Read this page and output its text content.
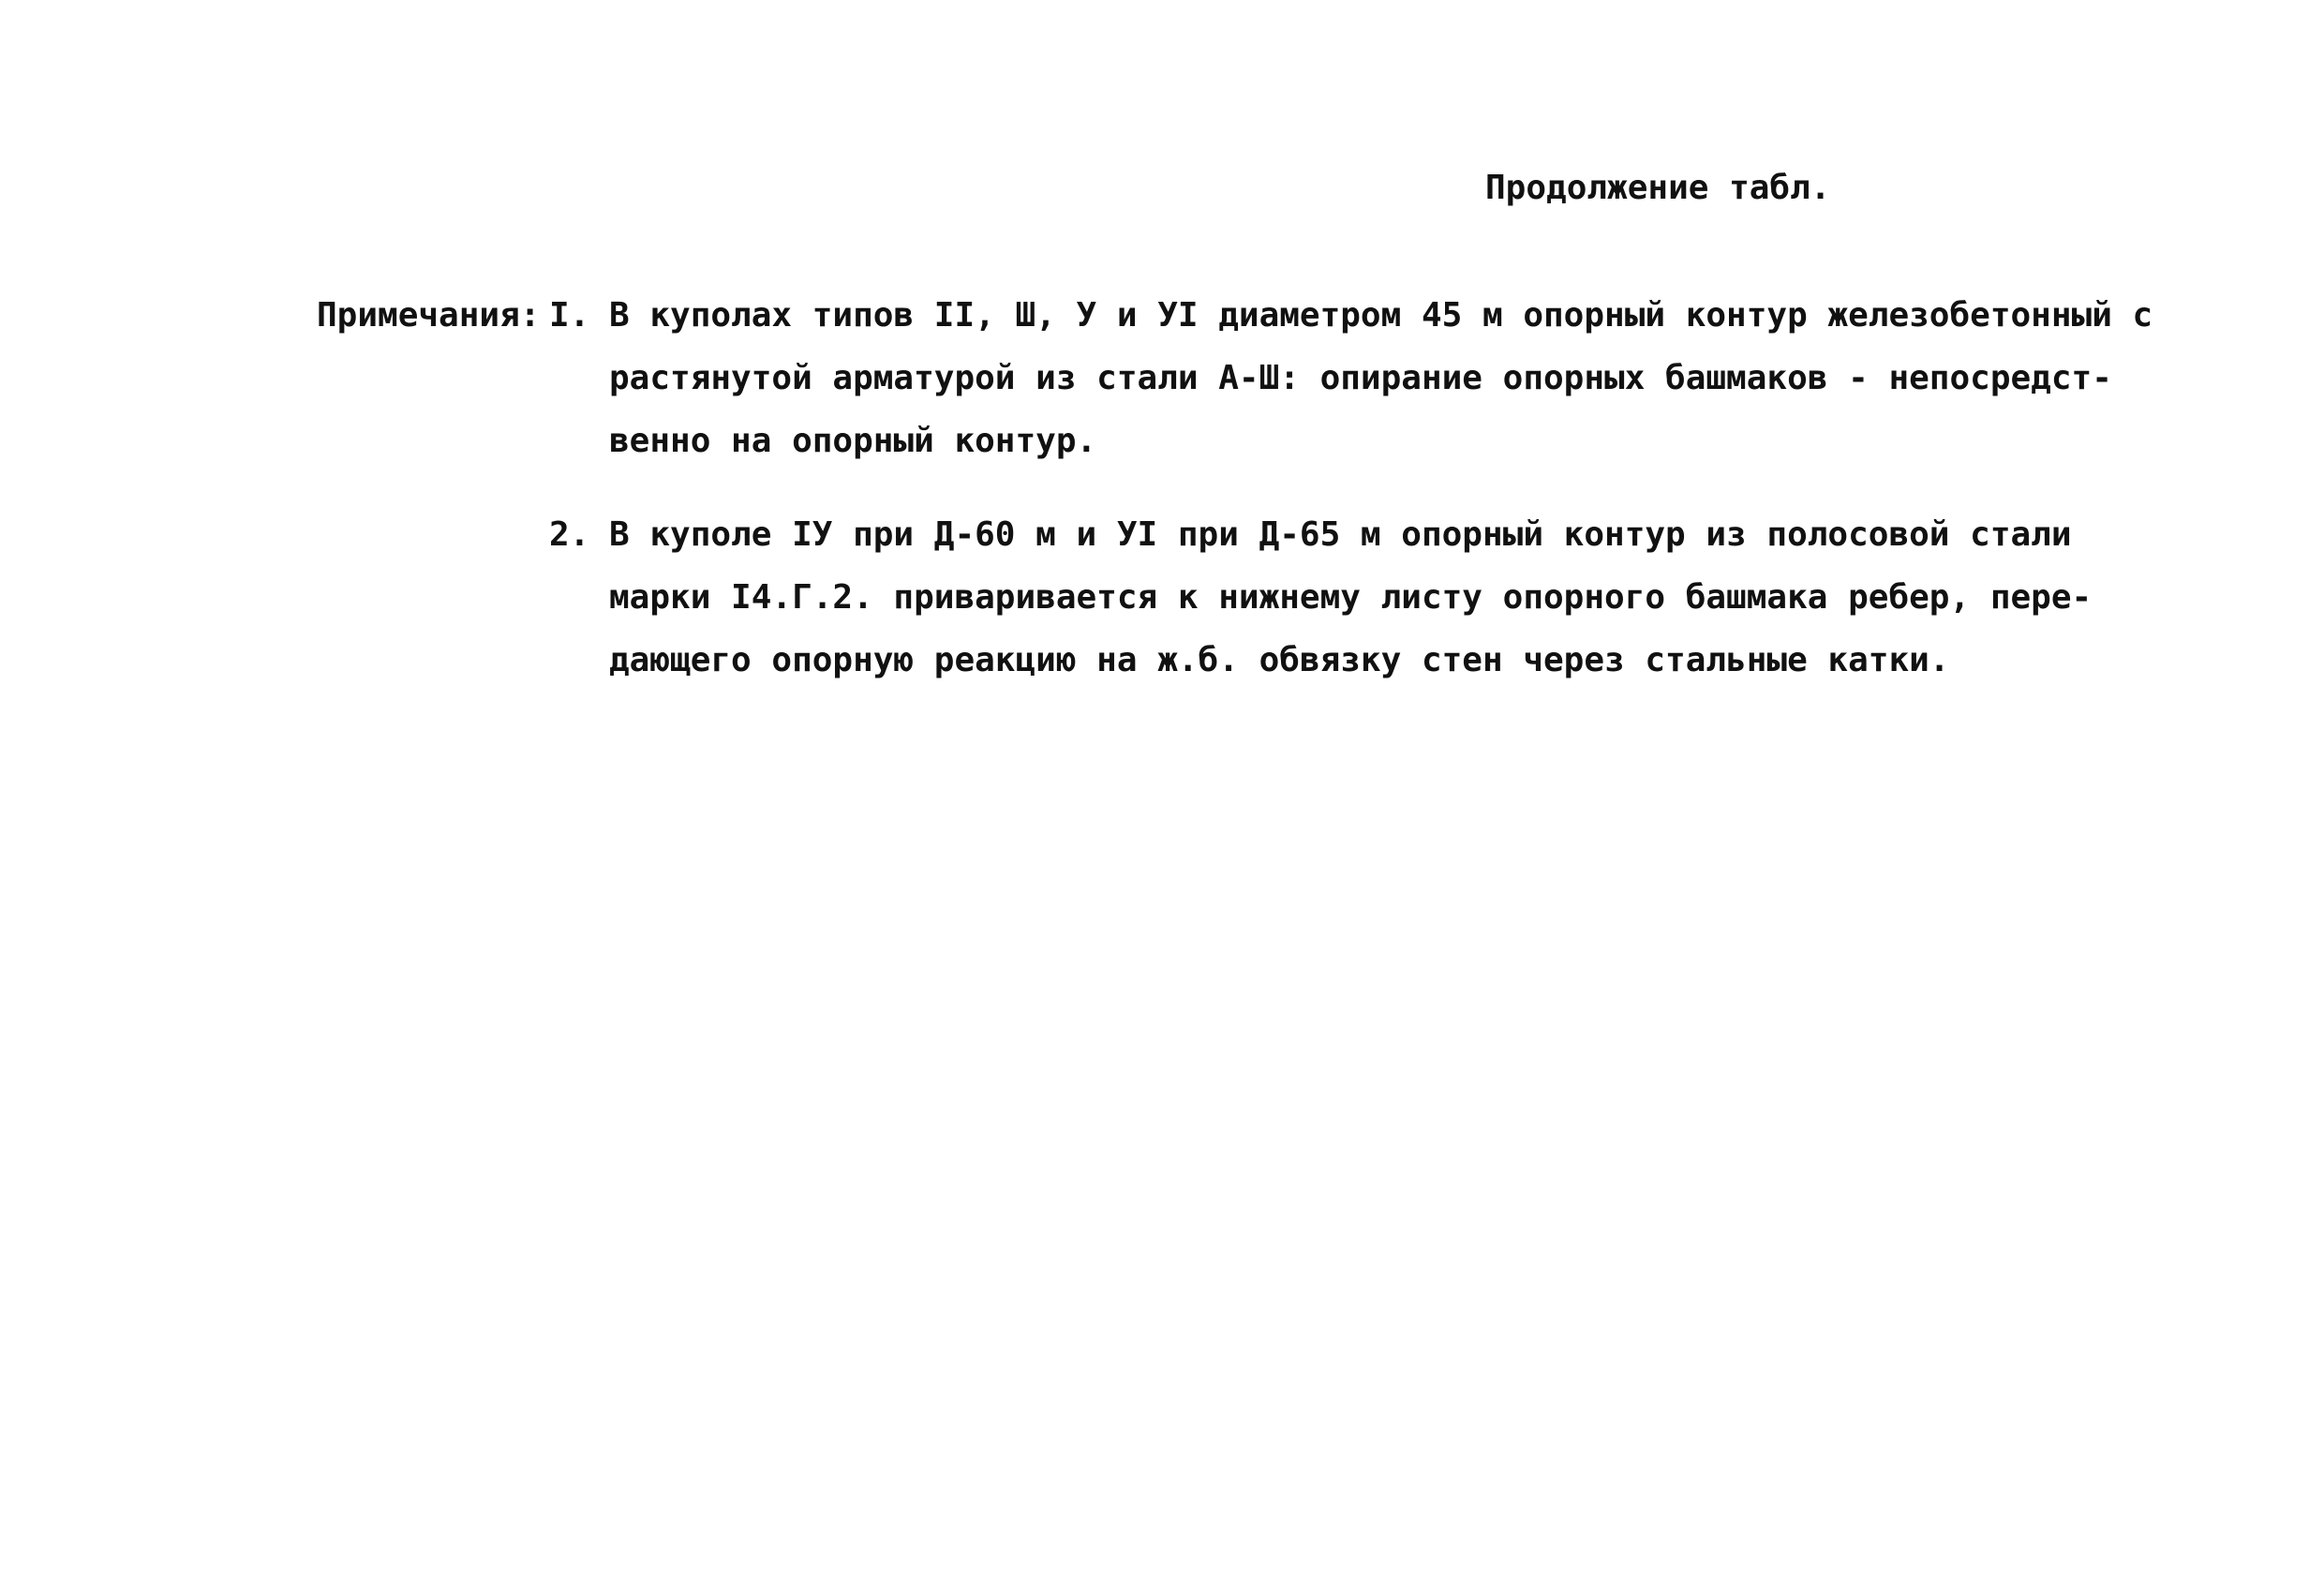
Продолжение табл.
Примечания: I. В куполах типов II, Ш, У и УI диаметром 45 м опорный контур железобетонный с
растянутой арматурой из стали А-Ш: опирание опорных башмаков - непосредст-
венно на опорный контур.
2. В куполе IУ при Д-60 м и УI при Д-65 м опорный контур из полосовой стали
марки I4.Г.2. приваривается к нижнему листу опорного башмака ребер, пере-
дающего опорную реакцию на ж.б. обвязку стен через стальные катки.
